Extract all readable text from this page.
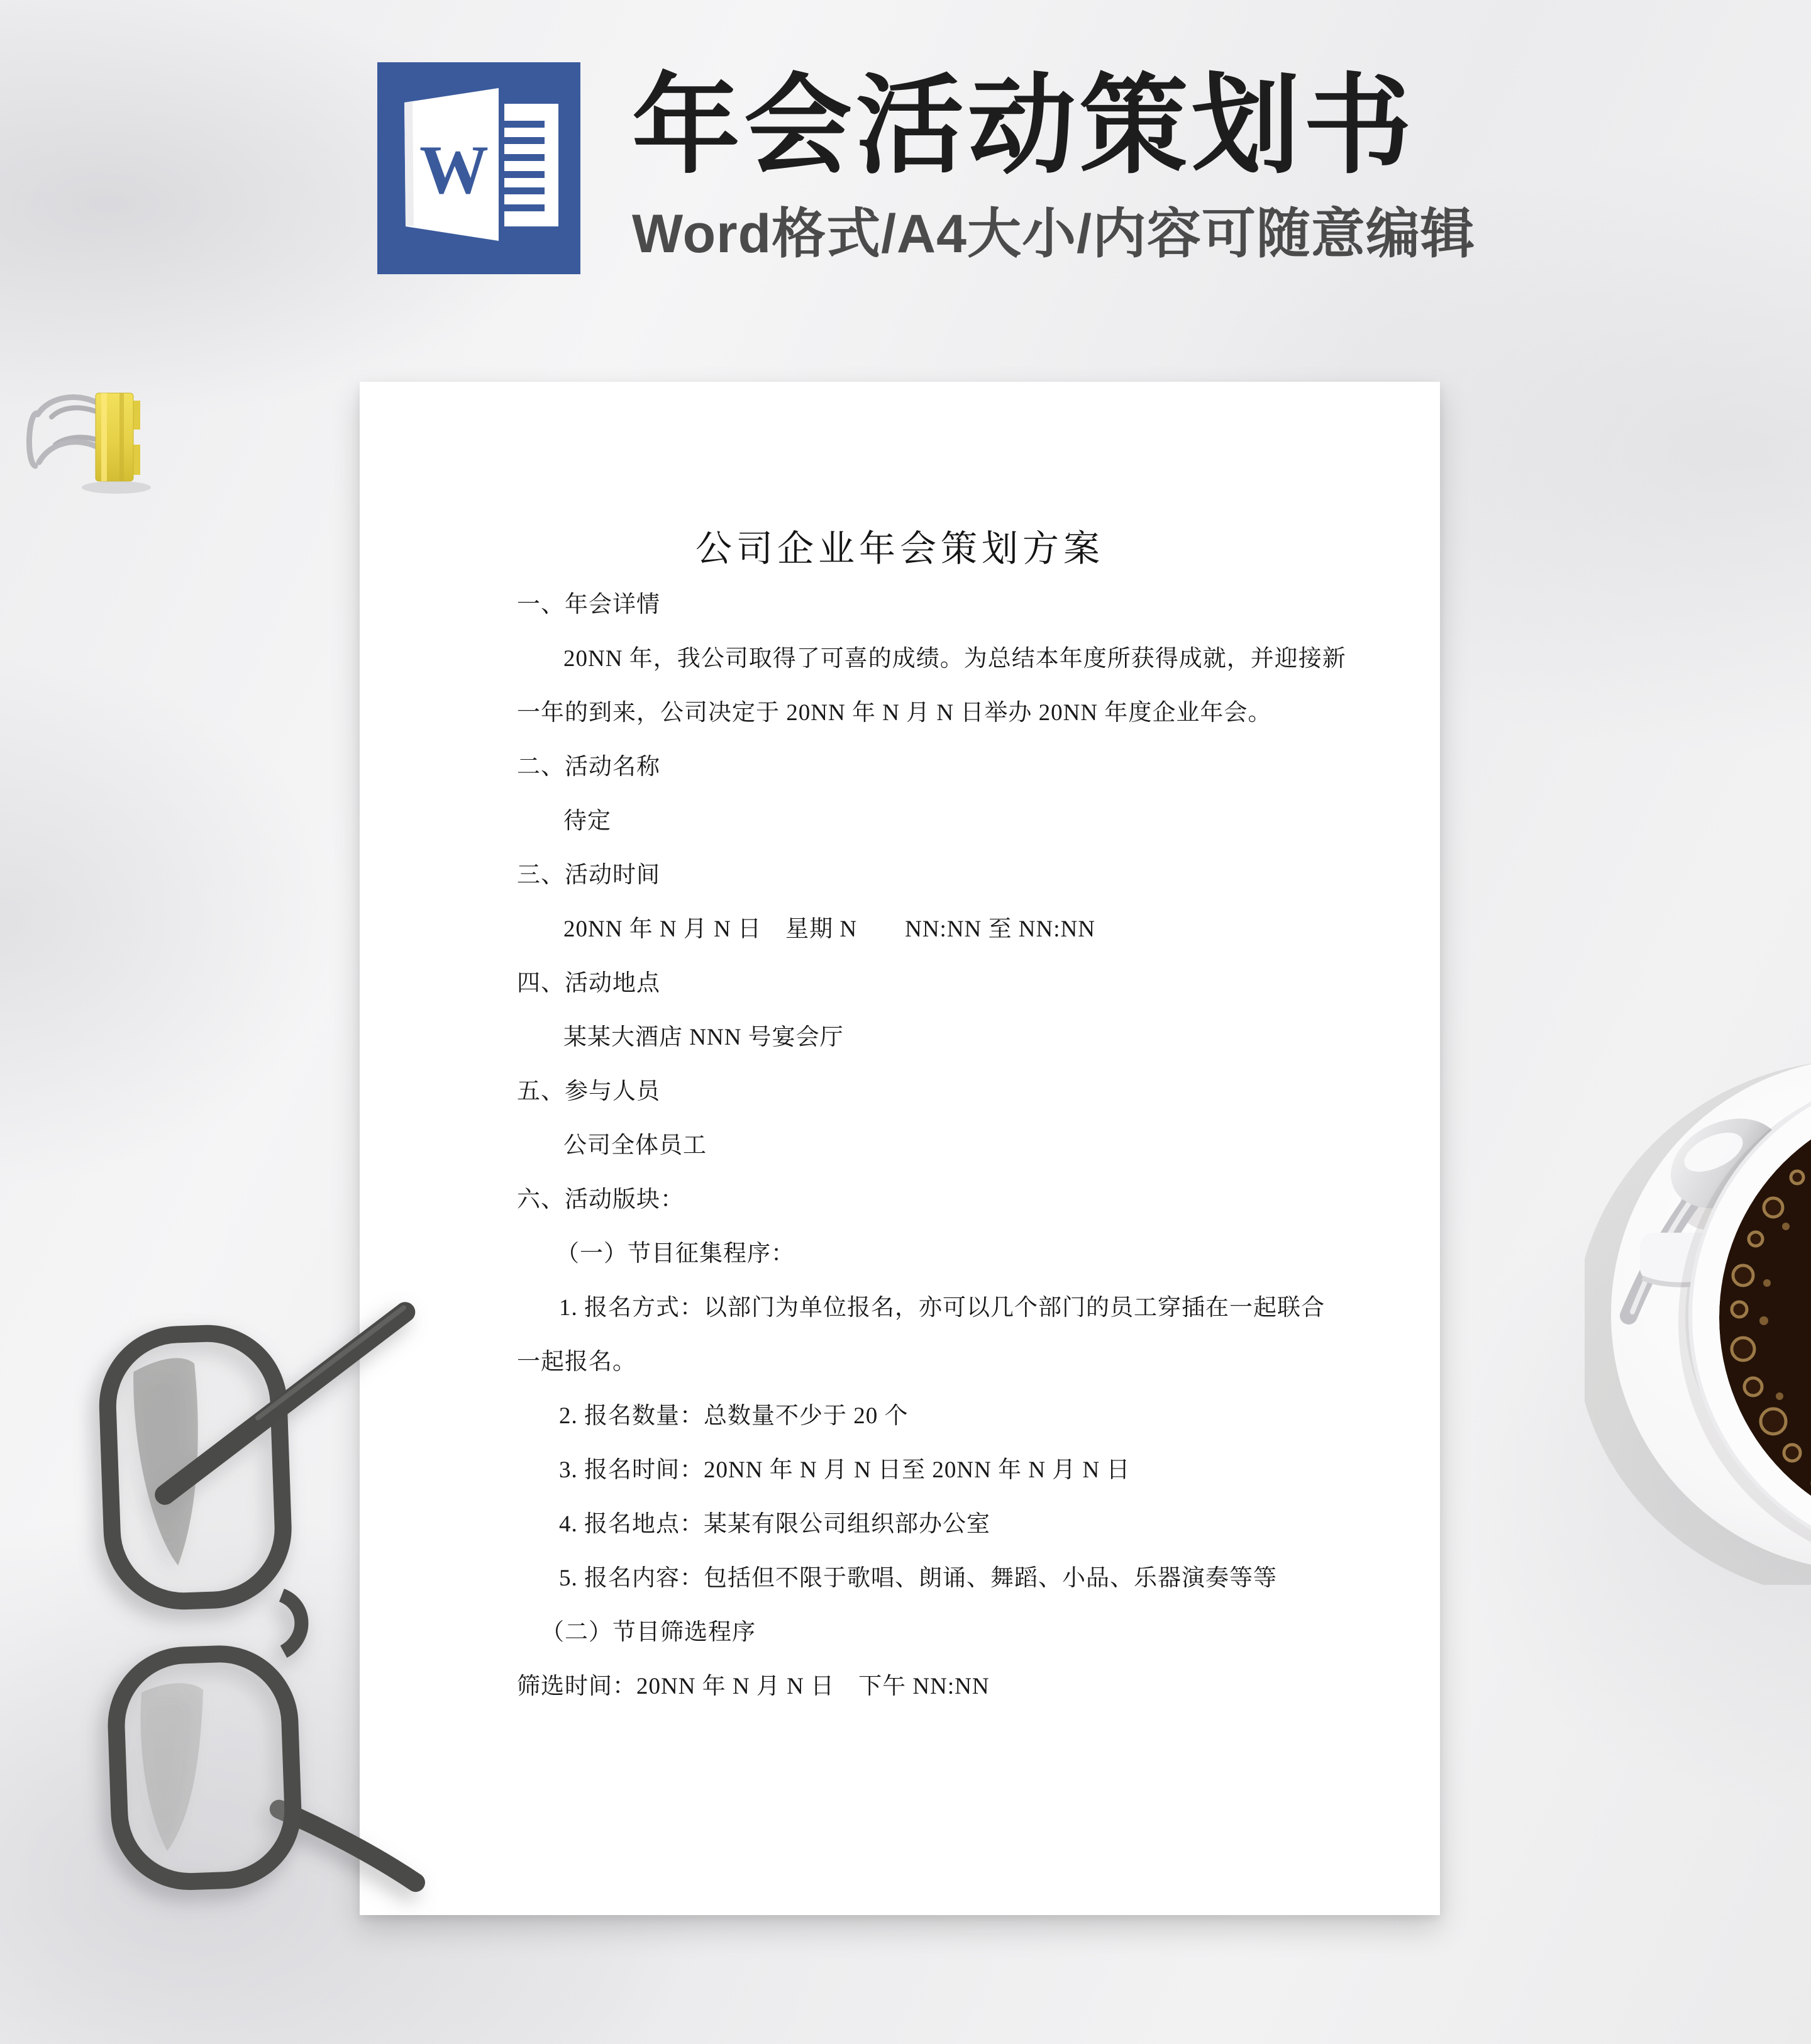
W 年会活动策划书

Word格式/A4大小/内容可随意编辑

公司企业年会策划方案
一、年会详情
20NN 年，我公司取得了可喜的成绩。为总结本年度所获得成就，并迎接新
一年的到来，公司决定于 20NN 年 N 月 N 日举办 20NN 年度企业年会。
二、活动名称
待定
三、活动时间
20NN 年 N 月 N 日　星期 N　　NN:NN 至 NN:NN
四、活动地点
某某大酒店 NNN 号宴会厅
五、参与人员
公司全体员工
六、活动版块：
（一）节目征集程序：
1. 报名方式：以部门为单位报名，亦可以几个部门的员工穿插在一起联合
一起报名。
2. 报名数量：总数量不少于 20 个
3. 报名时间：20NN 年 N 月 N 日至 20NN 年 N 月 N 日
4. 报名地点：某某有限公司组织部办公室
5. 报名内容：包括但不限于歌唱、朗诵、舞蹈、小品、乐器演奏等等
（二）节目筛选程序
筛选时间：20NN 年 N 月 N 日　下午 NN:NN
